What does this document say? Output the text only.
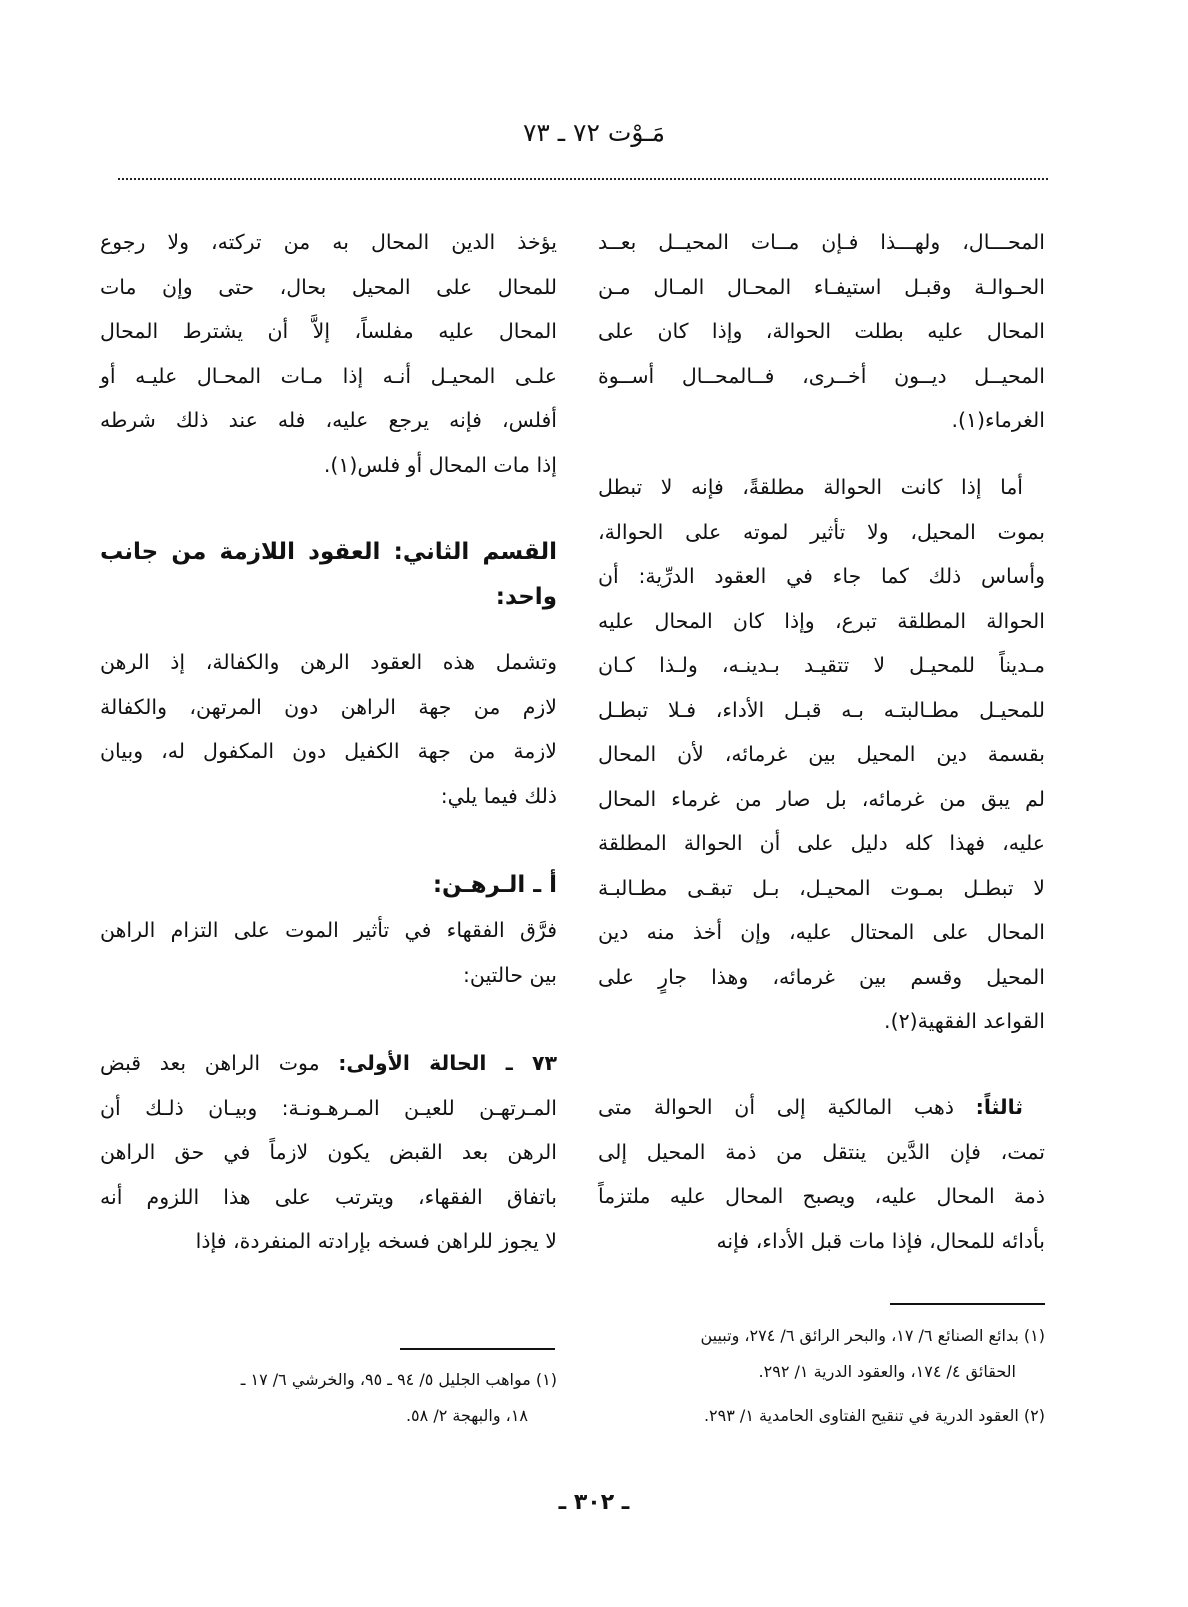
مَـوْت ٧٢ ـ ٧٣
المحـــال، ولهـــذا فـإن مــات المحيــل بعــد
الحـوالـة وقبـل استيفـاء المحـال المـال مـن
المحال عليه بطلت الحوالة، وإذا كان على
المحيــل ديــون أخــرى، فــالمحــال أســوة
الغرماء(١).
أما إذا كانت الحوالة مطلقةً، فإنه لا تبطل
بموت المحيل، ولا تأثير لموته على الحوالة،
وأساس ذلك كما جاء في العقود الدرِّية: أن
الحوالة المطلقة تبرع، وإذا كان المحال عليه
مـديناً للمحيـل لا تتقيـد بـدينـه، ولـذا كـان
للمحيـل مطـالبتـه بـه قبـل الأداء، فـلا تبطـل
بقسمة دين المحيل بين غرمائه، لأن المحال
لم يبق من غرمائه، بل صار من غرماء المحال
عليه، فهذا كله دليل على أن الحوالة المطلقة
لا تبطـل بمـوت المحيـل، بـل تبقـى مطـالبـة
المحال على المحتال عليه، وإن أخذ منه دين
المحيل وقسم بين غرمائه، وهذا جارٍ على
القواعد الفقهية(٢).
ثالثاً: ذهب المالكية إلى أن الحوالة متى
تمت، فإن الدَّين ينتقل من ذمة المحيل إلى
ذمة المحال عليه، ويصبح المحال عليه ملتزماً
بأدائه للمحال، فإذا مات قبل الأداء، فإنه
(١) بدائع الصنائع ٦/ ١٧، والبحر الرائق ٦/ ٢٧٤، وتبيين
الحقائق ٤/ ١٧٤، والعقود الدرية ١/ ٢٩٢.
(٢) العقود الدرية في تنقيح الفتاوى الحامدية ١/ ٢٩٣.
يؤخذ الدين المحال به من تركته، ولا رجوع
للمحال على المحيل بحال، حتى وإن مات
المحال عليه مفلساً، إلاَّ أن يشترط المحال
علـى المحيـل أنـه إذا مـات المحـال عليـه أو
أفلس، فإنه يرجع عليه، فله عند ذلك شرطه
إذا مات المحال أو فلس(١).
القسم الثاني: العقود اللازمة من جانب
واحد:
وتشمل هذه العقود الرهن والكفالة، إذ الرهن
لازم من جهة الراهن دون المرتهن، والكفالة
لازمة من جهة الكفيل دون المكفول له، وبيان
ذلك فيما يلي:
أ ـ الـرهـن:
فرَّق الفقهاء في تأثير الموت على التزام الراهن
بين حالتين:
٧٣ ـ الحالة الأولى: موت الراهن بعد قبض
المـرتهـن للعيـن المـرهـونـة: وبيـان ذلـك أن
الرهن بعد القبض يكون لازماً في حق الراهن
باتفاق الفقهاء، ويترتب على هذا اللزوم أنه
لا يجوز للراهن فسخه بإرادته المنفردة، فإذا
(١) مواهب الجليل ٥/ ٩٤ ـ ٩٥، والخرشي ٦/ ١٧ ـ
١٨، والبهجة ٢/ ٥٨.
ـ ٣٠٢ ـ
